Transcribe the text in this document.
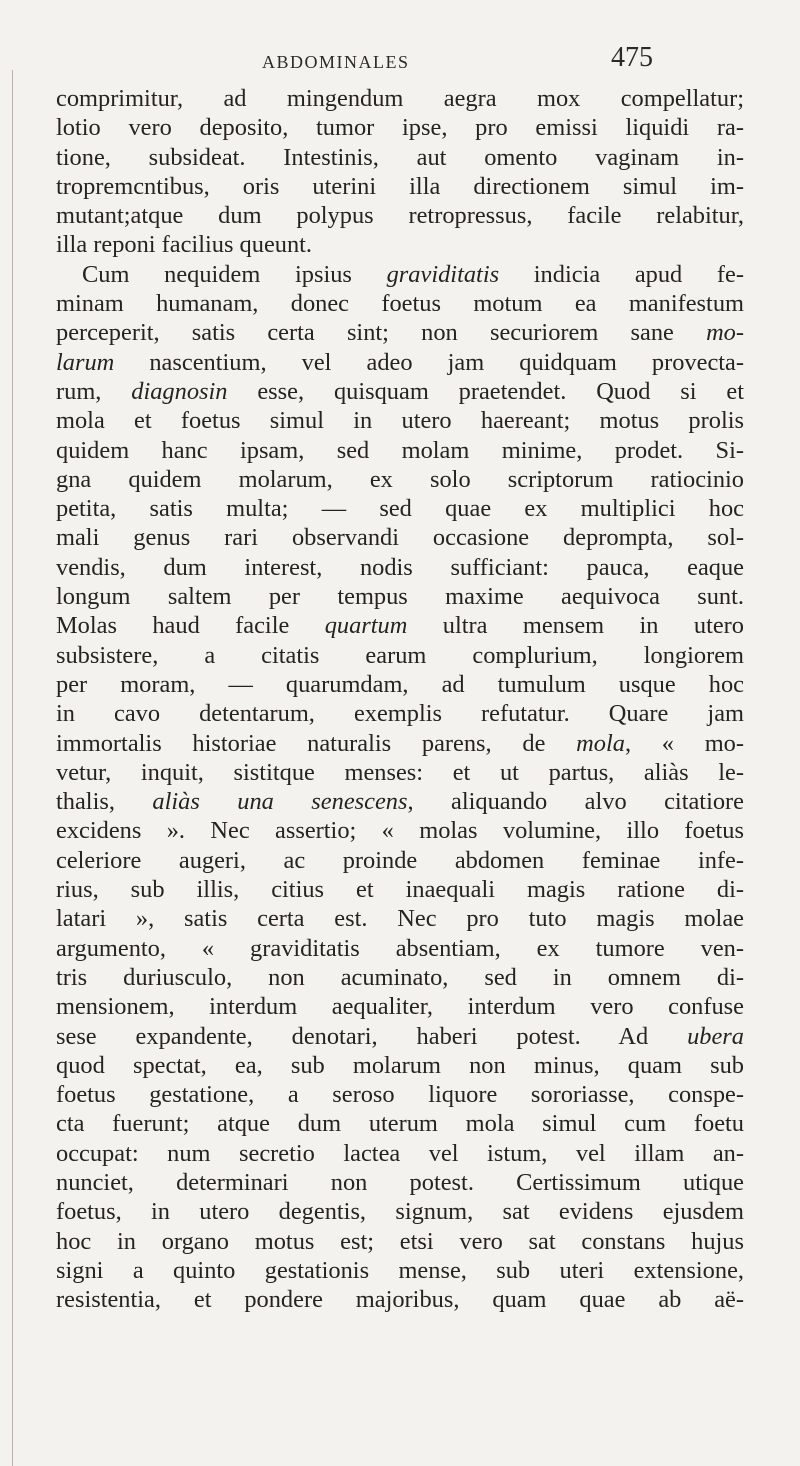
ABDOMINALES	475
comprimitur, ad mingendum aegra mox compellatur;
lotio vero deposito, tumor ipse, pro emissi liquidi ra-
tione, subsideat. Intestinis, aut omento vaginam in-
tropremcntibus, oris uterini illa directionem simul im-
mutant;atque dum polypus retropressus, facile relabitur,
illa reponi facilius queunt.
Cum nequidem ipsius graviditatis indicia apud fe-
minam humanam, donec foetus motum ea manifestum
perceperit, satis certa sint; non securiorem sane mo-
larum nascentium, vel adeo jam quidquam provecta-
rum, diagnosin esse, quisquam praetendet. Quod si et
mola et foetus simul in utero haereant; motus prolis
quidem hanc ipsam, sed molam minime, prodet. Si-
gna quidem molarum, ex solo scriptorum ratiocinio
petita, satis multa; — sed quae ex multiplici hoc
mali genus rari observandi occasione deprompta, sol-
vendis, dum interest, nodis sufficiant: pauca, eaque
longum saltem per tempus maxime aequivoca sunt.
Molas haud facile quartum ultra mensem in utero
subsistere, a citatis earum complurium, longiorem
per moram, — quarumdam, ad tumulum usque hoc
in cavo detentarum, exemplis refutatur. Quare jam
immortalis historiae naturalis parens, de mola, « mo-
vetur, inquit, sistitque menses: et ut partus, aliàs le-
thalis, aliàs una senescens, aliquando alvo citatiore
excidens ». Nec assertio; « molas volumine, illo foetus
celeriore augeri, ac proinde abdomen feminae infe-
rius, sub illis, citius et inaequali magis ratione di-
latari », satis certa est. Nec pro tuto magis molae
argumento, « graviditatis absentiam, ex tumore ven-
tris duriusculo, non acuminato, sed in omnem di-
mensionem, interdum aequaliter, interdum vero confuse
sese expandente, denotari, haberi potest. Ad ubera
quod spectat, ea, sub molarum non minus, quam sub
foetus gestatione, a seroso liquore sororiasse, conspe-
cta fuerunt; atque dum uterum mola simul cum foetu
occupat: num secretio lactea vel istum, vel illam an-
nunciet, determinari non potest. Certissimum utique
foetus, in utero degentis, signum, sat evidens ejusdem
hoc in organo motus est; etsi vero sat constans hujus
signi a quinto gestationis mense, sub uteri extensione,
resistentia, et pondere majoribus, quam quae ab aë-
